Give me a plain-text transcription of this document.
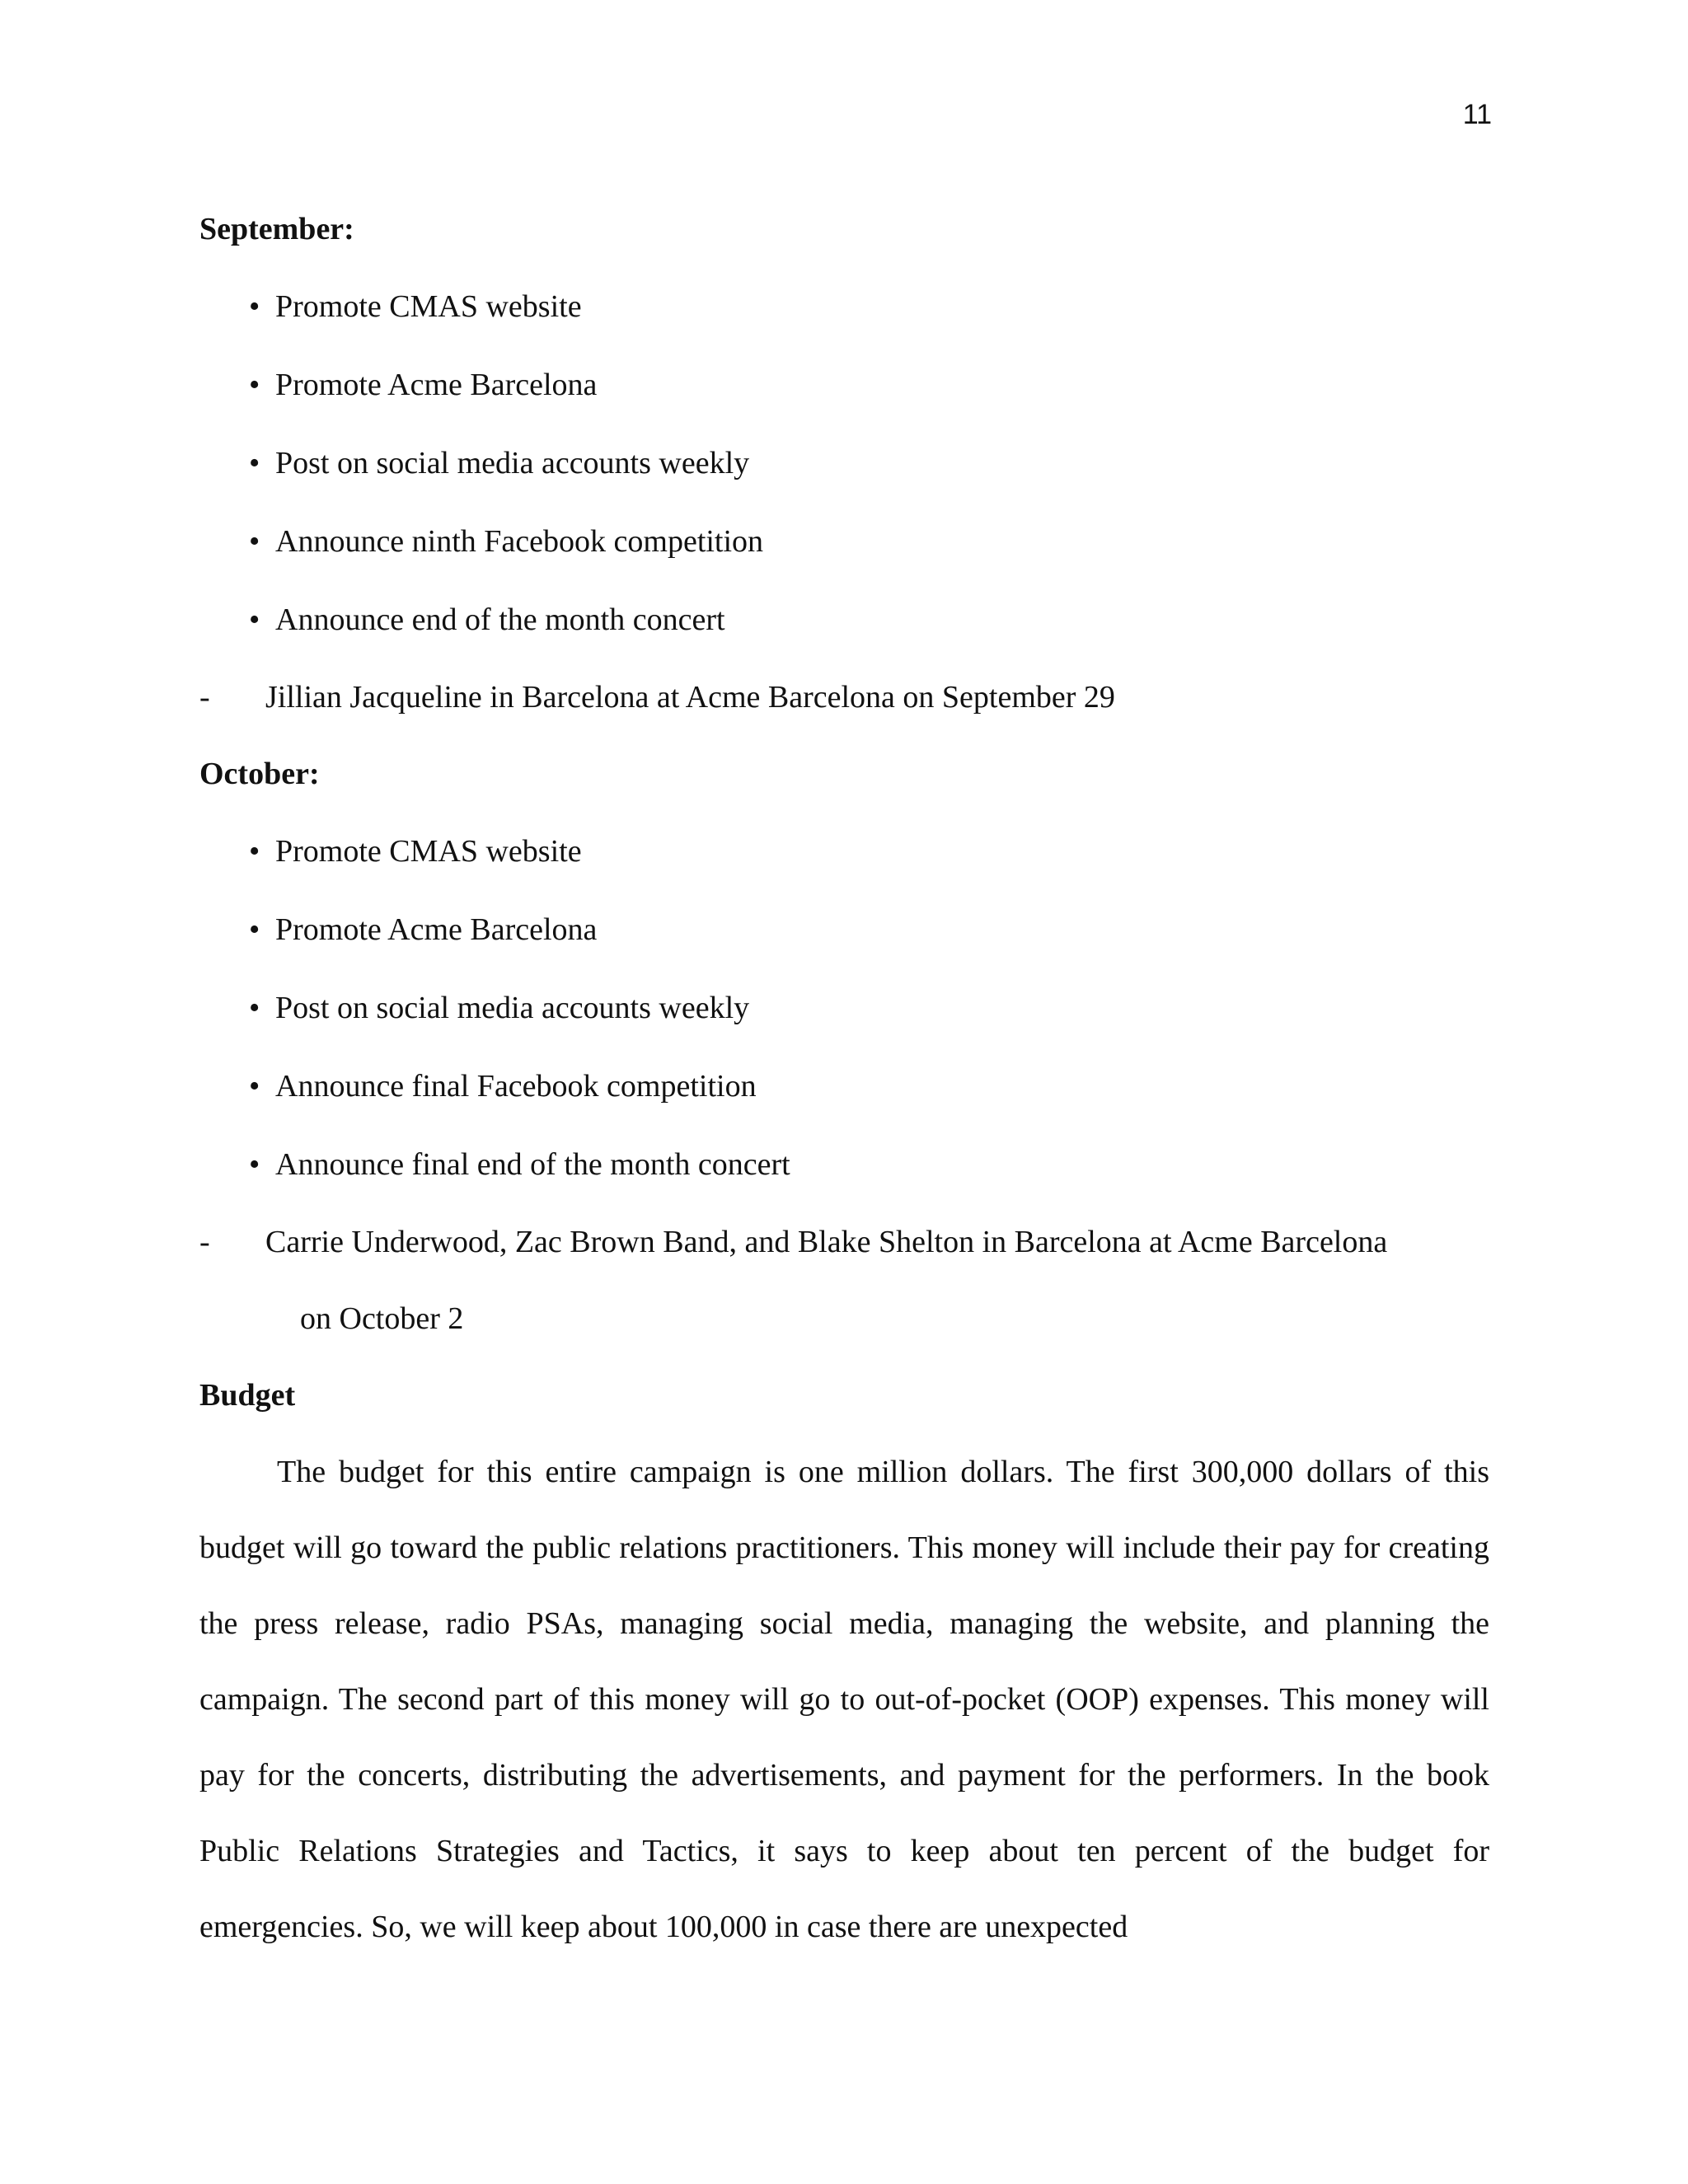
11

September:

• Promote CMAS website
• Promote Acme Barcelona
• Post on social media accounts weekly
• Announce ninth Facebook competition
• Announce end of the month concert
- Jillian Jacqueline in Barcelona at Acme Barcelona on September 29

October:

• Promote CMAS website
• Promote Acme Barcelona
• Post on social media accounts weekly
• Announce final Facebook competition
• Announce final end of the month concert
- Carrie Underwood, Zac Brown Band, and Blake Shelton in Barcelona at Acme Barcelona
on October 2

Budget

The budget for this entire campaign is one million dollars. The first 300,000 dollars of this budget will go toward the public relations practitioners. This money will include their pay for creating the press release, radio PSAs, managing social media, managing the website, and planning the campaign. The second part of this money will go to out-of-pocket (OOP) expenses. This money will pay for the concerts, distributing the advertisements, and payment for the performers. In the book Public Relations Strategies and Tactics, it says to keep about ten percent of the budget for emergencies. So, we will keep about 100,000 in case there are unexpected
